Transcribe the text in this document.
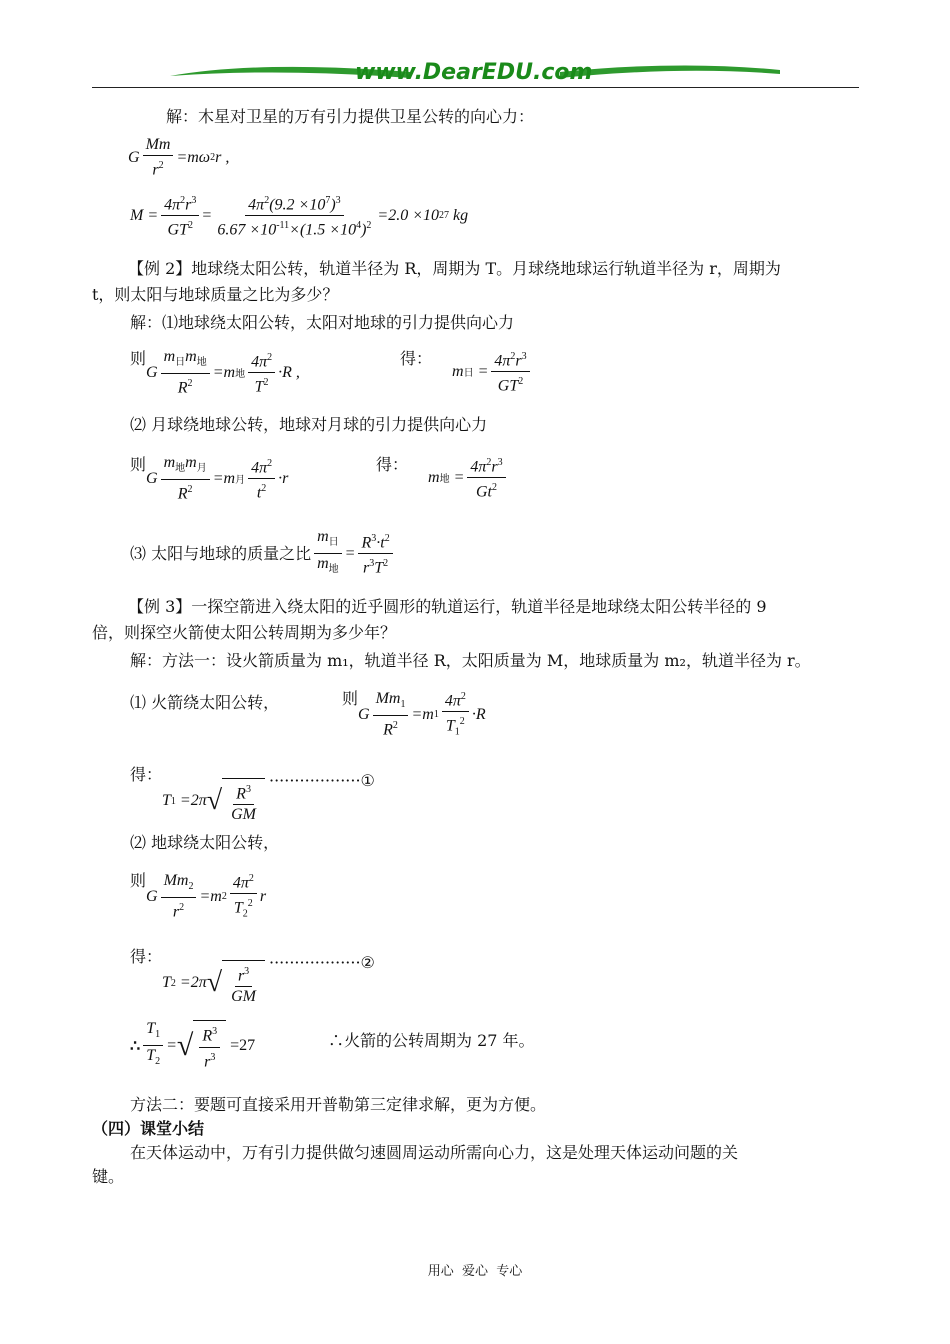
www.DearEDU.com
解：木星对卫星的万有引力提供卫星公转的向心力：
G $\frac{Mm}{r^2} =m\omega$ 2 r ,
$M = \frac{4\pi^2r^3}{GT^2} = \frac{4\pi^2(9.2 \times 10^7)^3}{6.67 \times 10^{-11}\times(1.5 \times 10^4)^2} =2.0 \times 10$ 27
kg
【例 2】地球绕太阳公转，轨道半径为 R，周期为 T。月球绕地球运行轨道半径为 r，周期为
t，则太阳与地球质量之比为多少？
解：⑴地球绕太阳公转，太阳对地球的引力提供向心力
则
G $\frac{m_日m_地}{R^2} =m$ 地 $\frac{4\pi^2}{T^2} \cdot R$ ,
得：
m 日 = $\frac{4\pi^2r^3}{GT^2}$
⑵ 月球绕地球公转，地球对月球的引力提供向心力
则
G $\frac{m_地m_月}{R^2} =m$ 月 $\frac{4\pi^2}{t^2} \cdot r$
得：
m 地 = $\frac{4\pi^2r^3}{Gt^2}$
⑶ 太阳与地球的质量之比 $\frac{m_日}{m_地} = \frac{R^3\cdot t^2}{r^3T^2}$
【例 3】一探空箭进入绕太阳的近乎圆形的轨道运行，轨道半径是地球绕太阳公转半径的 9
倍，则探空火箭使太阳公转周期为多少年？
解：方法一：设火箭质量为 m₁，轨道半径 R，太阳质量为 M，地球质量为 m₂，轨道半径为 r。
⑴ 火箭绕太阳公转，	则
G $\frac{Mm_1}{R^2} =m$ $1 \frac{4\pi^2}{T_1^2} \cdot R$
得：
T 1 =2π √ $\frac{R^3}{GM}$
··················①
⑵ 地球绕太阳公转，
则
G $\frac{Mm_2}{r^2} =m$ $2 \frac{4\pi^2}{T_2^2}$ r
得：
T 2 =2π √ $\frac{r^3}{GM}$
··················②
∴ $\frac{T_1}{T_2}$ = √ $\frac{R^3}{r^3} =27$	∴火箭的公转周期为 27 年。
方法二：要题可直接采用开普勒第三定律求解，更为方便。
（四）课堂小结
在天体运动中，万有引力提供做匀速圆周运动所需向心力，这是处理天体运动问题的关
键。
用心  爱心  专心
